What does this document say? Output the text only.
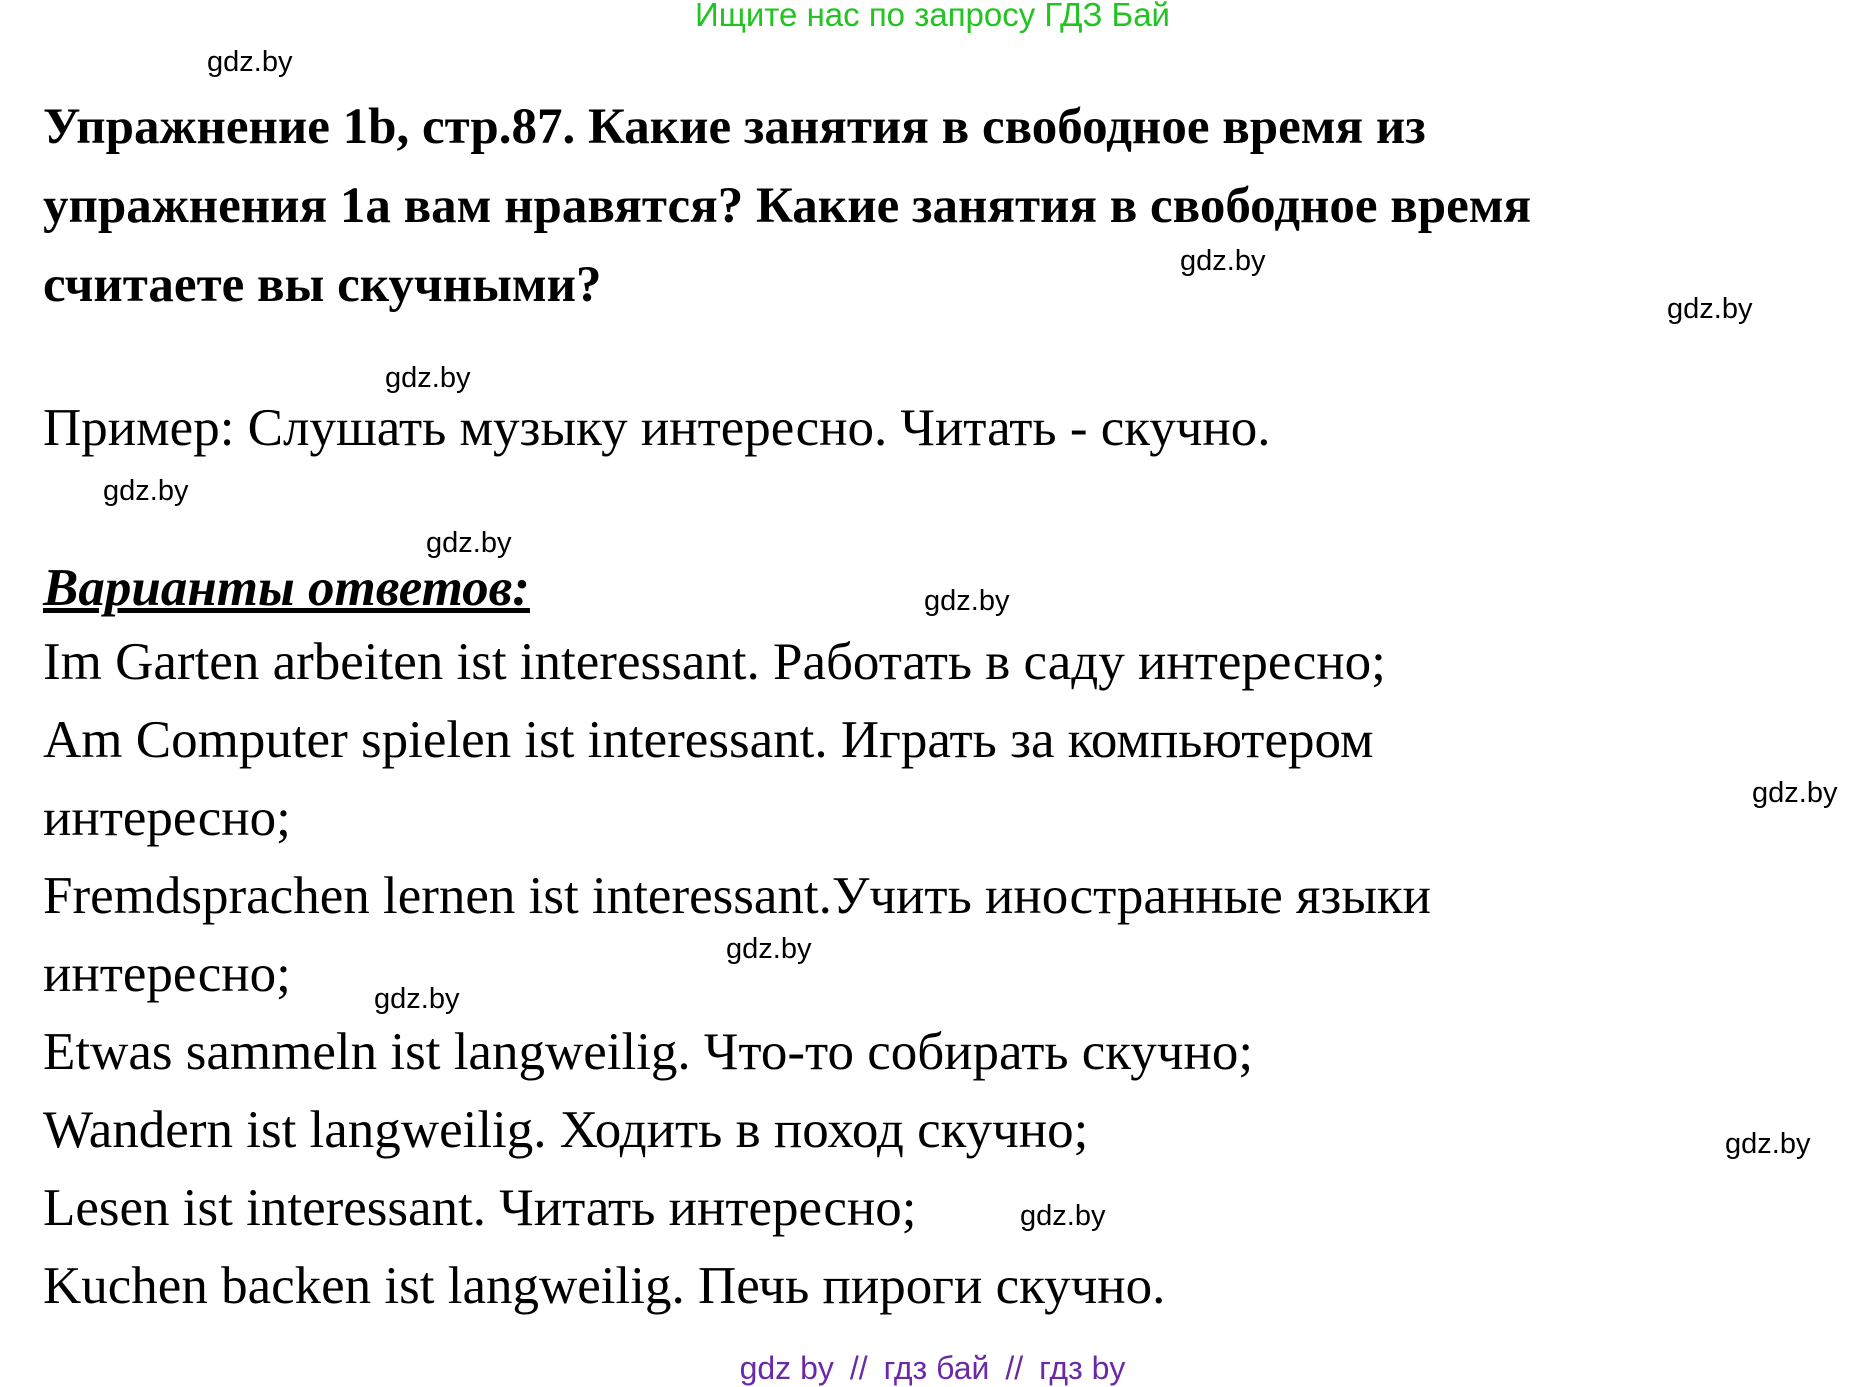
Ищите нас по запросу ГДЗ Бай
gdz.by
gdz.by
gdz.by
gdz.by
gdz.by
gdz.by
gdz.by
gdz.by
gdz.by
gdz.by
gdz.by
gdz.by
Упражнение 1b, стр.87. Какие занятия в свободное время из
упражнения 1а вам нравятся? Какие занятия в свободное время
считаете вы скучными?
Пример: Слушать музыку интересно. Читать - скучно.
Варианты ответов:
Im Garten arbeiten ist interessant. Работать в саду интересно;
Am Computer spielen ist interessant. Играть за компьютером
интересно;
Fremdsprachen lernen ist interessant.Учить иностранные языки
интересно;
Etwas sammeln ist langweilig. Что-то собирать скучно;
Wandern ist langweilig. Ходить в поход скучно;
Lesen ist interessant. Читать интересно;
Kuchen backen ist langweilig. Печь пироги скучно.
gdz by // гдз бай // гдз by
